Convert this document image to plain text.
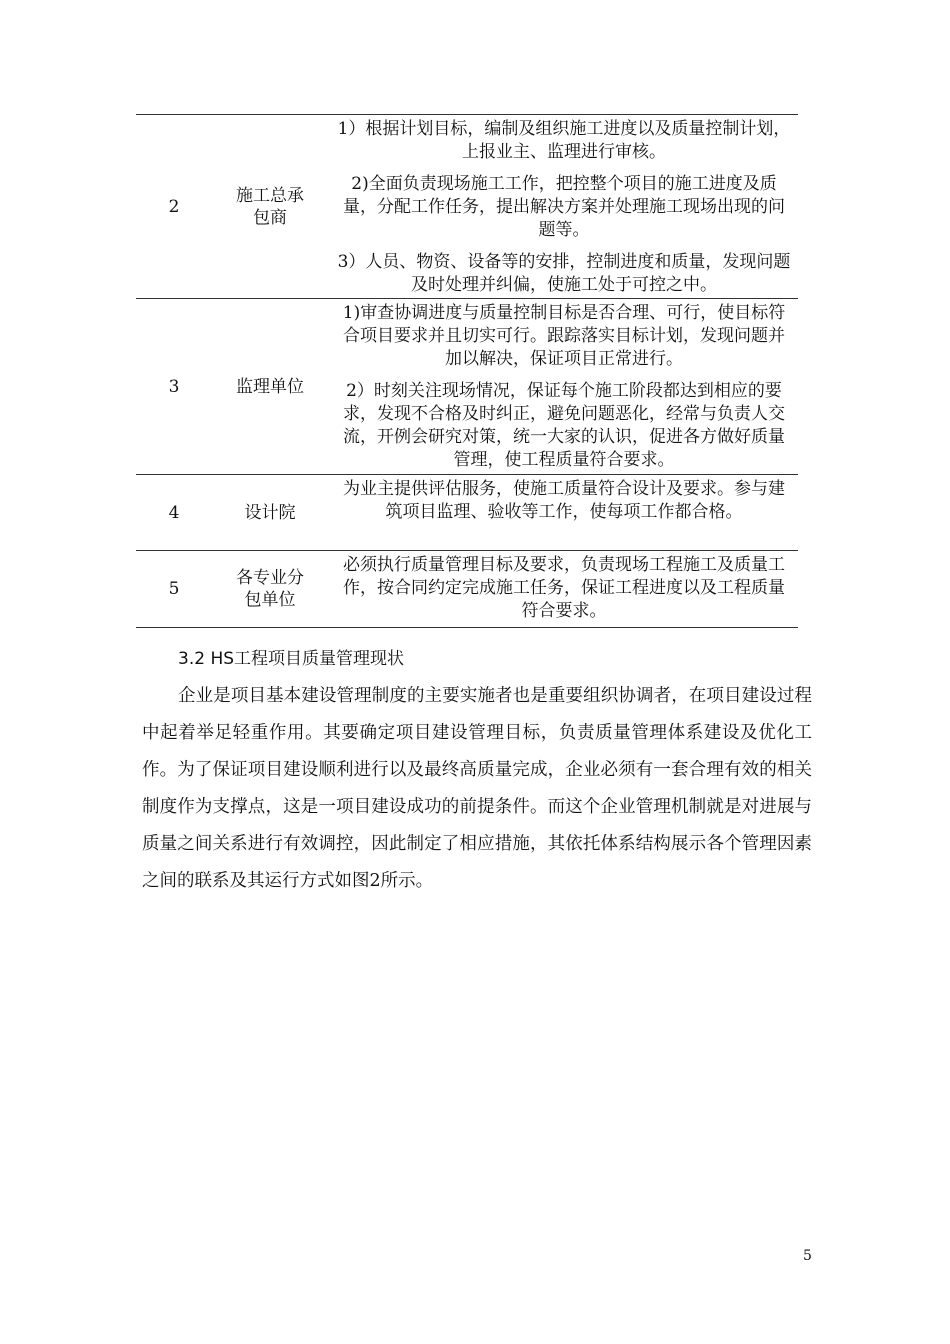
2
施工总承
包商

1）根据计划目标，编制及组织施工进度以及质量控制计划，上报业主、监理进行审核。

2)全面负责现场施工工作，把控整个项目的施工进度及质量，分配工作任务，提出解决方案并处理施工现场出现的问题等。

3）人员、物资、设备等的安排，控制进度和质量，发现问题及时处理并纠偏，使施工处于可控之中。

3	监理单位

1)审查协调进度与质量控制目标是否合理、可行，使目标符合项目要求并且切实可行。跟踪落实目标计划，发现问题并加以解决，保证项目正常进行。

2）时刻关注现场情况，保证每个施工阶段都达到相应的要求，发现不合格及时纠正，避免问题恶化，经常与负责人交流，开例会研究对策，统一大家的认识，促进各方做好质量管理，使工程质量符合要求。

4	设计院

为业主提供评估服务，使施工质量符合设计及要求。参与建筑项目监理、验收等工作，使每项工作都合格。

5
各专业分
包单位

必须执行质量管理目标及要求，负责现场工程施工及质量工作，按合同约定完成施工任务，保证工程进度以及工程质量符合要求。

3.2 HS工程项目质量管理现状

企业是项目基本建设管理制度的主要实施者也是重要组织协调者，在项目建设过程中起着举足轻重作用。其要确定项目建设管理目标，负责质量管理体系建设及优化工作。为了保证项目建设顺利进行以及最终高质量完成，企业必须有一套合理有效的相关制度作为支撑点，这是一项目建设成功的前提条件。而这个企业管理机制就是对进展与质量之间关系进行有效调控，因此制定了相应措施，其依托体系结构展示各个管理因素之间的联系及其运行方式如图2所示。

5
